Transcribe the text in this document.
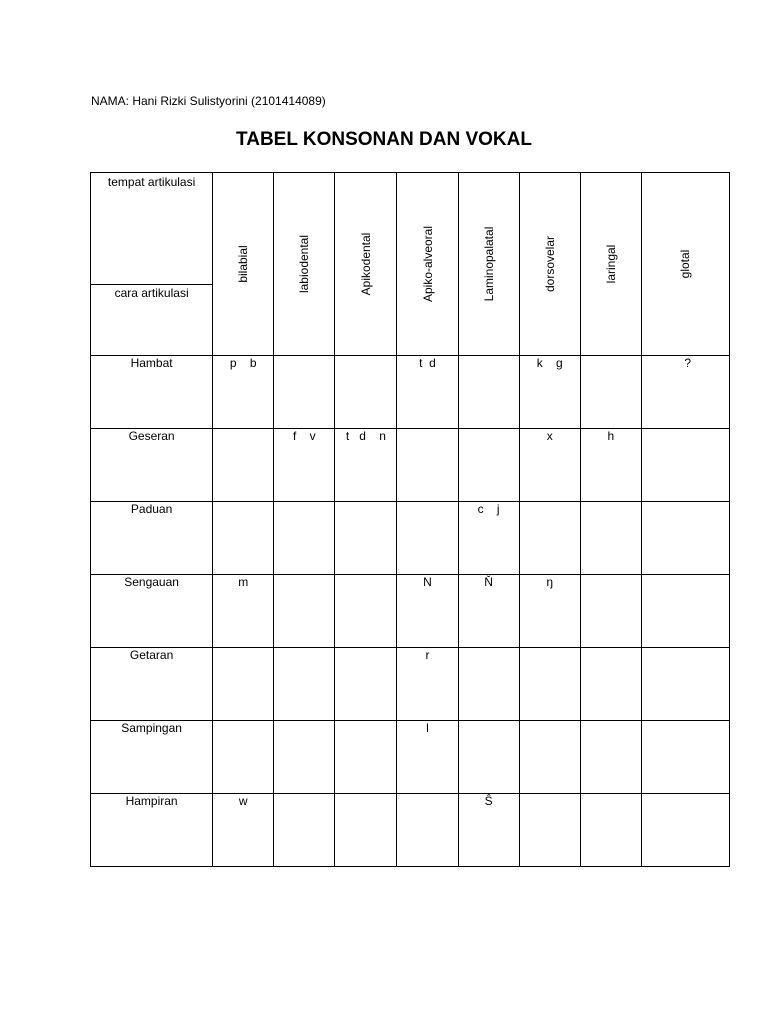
NAMA: Hani Rizki Sulistyorini (2101414089)
TABEL KONSONAN DAN VOKAL
tempat artikulasi
cara artikulasi	bilabial	labiodental	Apikodental	Apiko-alveoral	Laminopalatal	dorsovelar	laringal	glotal

Hambat	p    b			t  d		k    g		?
Geseran		f    v	t   d    n			x	h	
Paduan					c    j			
Sengauan	m			N	Ň	ŋ		
Getaran				r				
Sampingan				l				
Hampiran	w				Ŝ			
